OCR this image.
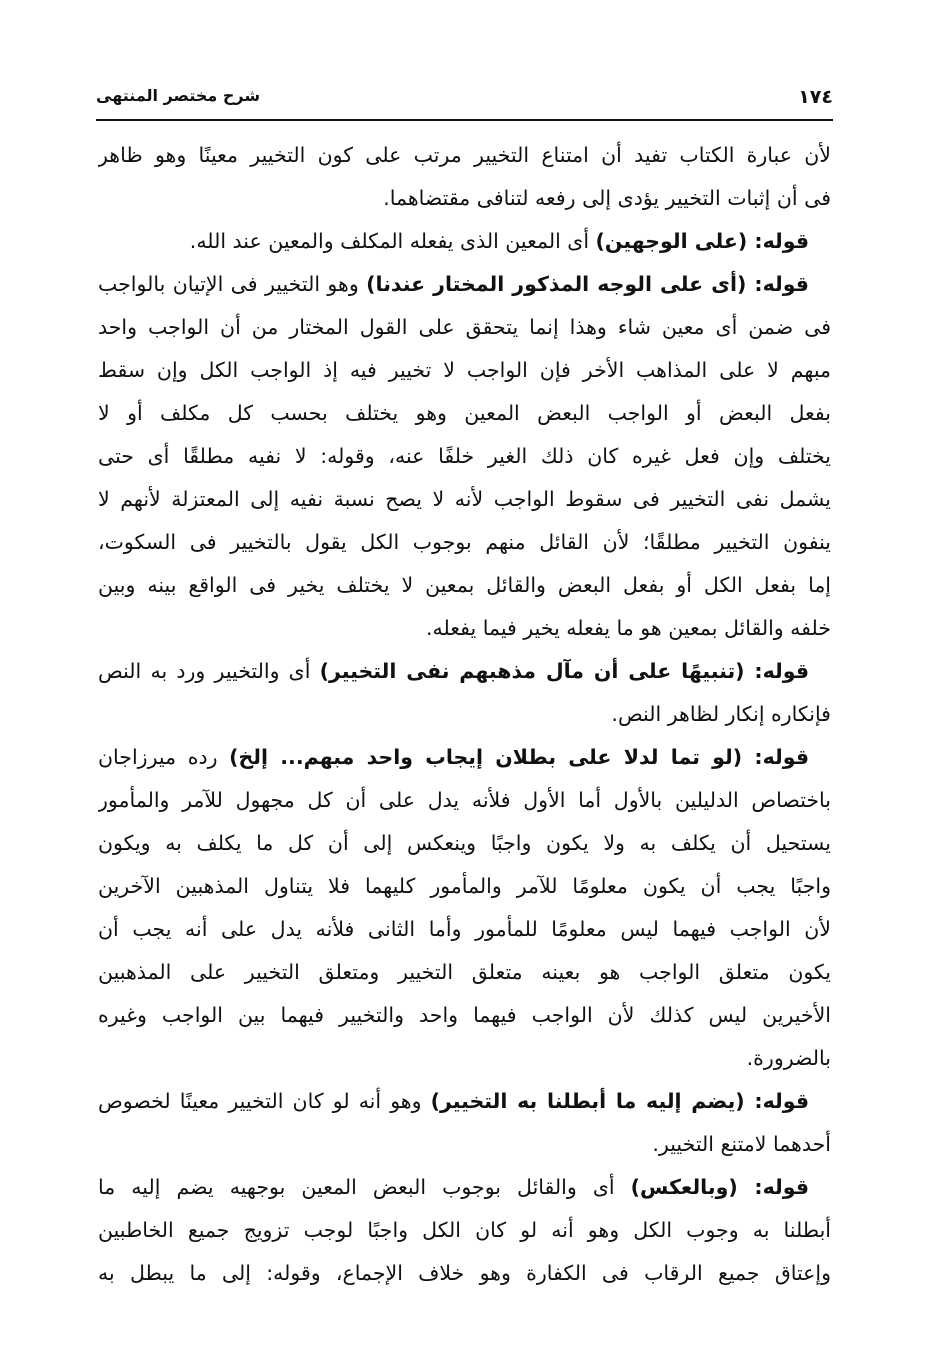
١٧٤
شرح مختصر المنتهى
لأن عبارة الكتاب تفيد أن امتناع التخيير مرتب على كون التخيير معينًا وهو ظاهر
فى أن إثبات التخيير يؤدى إلى رفعه لتنافى مقتضاهما.
قوله: (على الوجهين) أى المعين الذى يفعله المكلف والمعين عند الله.
قوله: (أى على الوجه المذكور المختار عندنا) وهو التخيير فى الإتيان بالواجب
فى ضمن أى معين شاء وهذا إنما يتحقق على القول المختار من أن الواجب واحد
مبهم لا على المذاهب الأخر فإن الواجب لا تخيير فيه إذ الواجب الكل وإن سقط
بفعل البعض أو الواجب البعض المعين وهو يختلف بحسب كل مكلف أو لا
يختلف وإن فعل غيره كان ذلك الغير خلفًا عنه، وقوله: لا نفيه مطلقًا أى حتى
يشمل نفى التخيير فى سقوط الواجب لأنه لا يصح نسبة نفيه إلى المعتزلة لأنهم لا
ينفون التخيير مطلقًا؛ لأن القائل منهم بوجوب الكل يقول بالتخيير فى السكوت،
إما بفعل الكل أو بفعل البعض والقائل بمعين لا يختلف يخير فى الواقع بينه وبين
خلفه والقائل بمعين هو ما يفعله يخير فيما يفعله.
قوله: (تنبيهًا على أن مآل مذهبهم نفى التخيير) أى والتخيير ورد به النص
فإنكاره إنكار لظاهر النص.
قوله: (لو تما لدلا على بطلان إيجاب واحد مبهم... إلخ) رده ميرزاجان
باختصاص الدليلين بالأول أما الأول فلأنه يدل على أن كل مجهول للآمر والمأمور
يستحيل أن يكلف به ولا يكون واجبًا وينعكس إلى أن كل ما يكلف به ويكون
واجبًا يجب أن يكون معلومًا للآمر والمأمور كليهما فلا يتناول المذهبين الآخرين
لأن الواجب فيهما ليس معلومًا للمأمور وأما الثانى فلأنه يدل على أنه يجب أن
يكون متعلق الواجب هو بعينه متعلق التخيير ومتعلق التخيير على المذهبين
الأخيرين ليس كذلك لأن الواجب فيهما واحد والتخيير فيهما بين الواجب وغيره
بالضرورة.
قوله: (يضم إليه ما أبطلنا به التخيير) وهو أنه لو كان التخيير معينًا لخصوص
أحدهما لامتنع التخيير.
قوله: (وبالعكس) أى والقائل بوجوب البعض المعين بوجهيه يضم إليه ما
أبطلنا به وجوب الكل وهو أنه لو كان الكل واجبًا لوجب تزويج جميع الخاطبين
وإعتاق جميع الرقاب فى الكفارة وهو خلاف الإجماع، وقوله: إلى ما يبطل به
